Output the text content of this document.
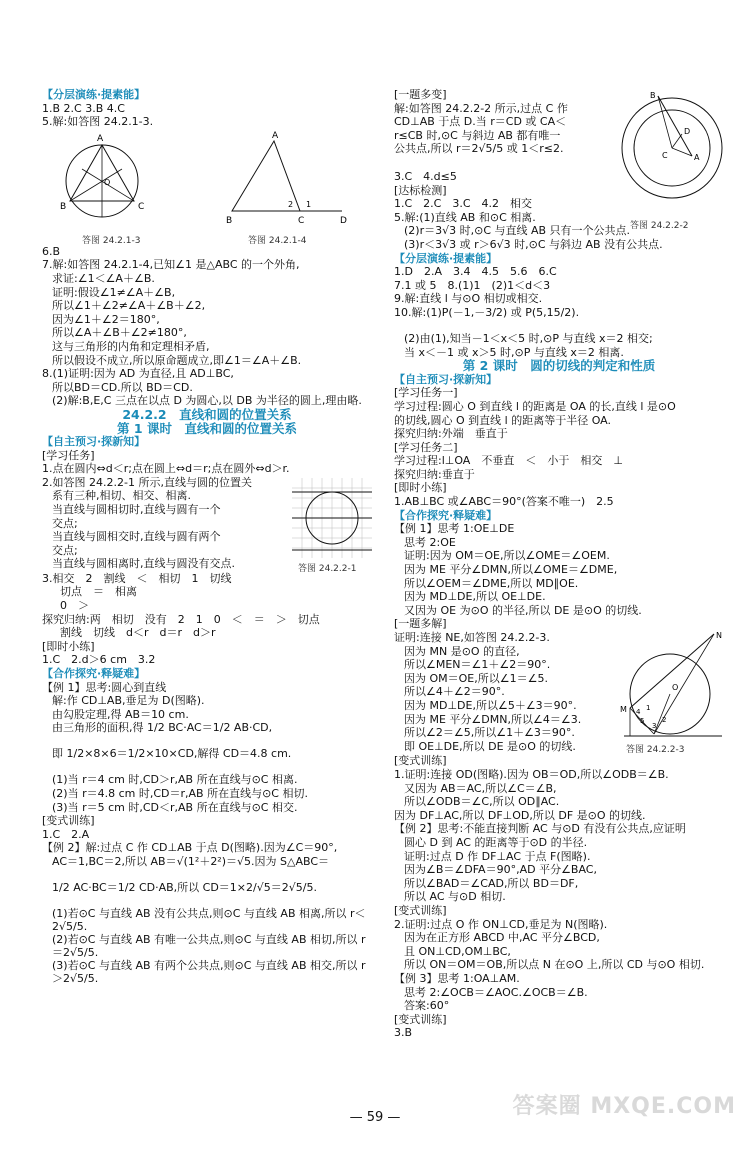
【分层演练·提素能】
1.B 2.C 3.B 4.C
5.解:如答图 24.2.1-3.
A
B	C
O
A
B	C	D
2 1
答图 24.2.1-3	答图 24.2.1-4
6.B
7.解:如答图 24.2.1-4,已知∠1 是△ABC 的一个外角,
求证:∠1＜∠A＋∠B.
证明:假设∠1≠∠A＋∠B,
所以∠1＋∠2≠∠A＋∠B＋∠2,
因为∠1＋∠2＝180°,
所以∠A＋∠B＋∠2≠180°,
这与三角形的内角和定理相矛盾,
所以假设不成立,所以原命题成立,即∠1＝∠A＋∠B.
8.(1)证明:因为 AD 为直径,且 AD⊥BC,
所以BD＝CD.所以 BD＝CD.
(2)解:B,E,C 三点在以点 D 为圆心,以 DB 为半径的圆上,理由略.
24.2.2　直线和圆的位置关系
第 1 课时　直线和圆的位置关系
【自主预习·探新知】
[学习任务]
1.点在圆内⇔d＜r;点在圆上⇔d＝r;点在圆外⇔d＞r.
2.如答图 24.2.2-1 所示,直线与圆的位置关
系有三种,相切、相交、相离.
当直线与圆相切时,直线与圆有一个
交点;
当直线与圆相交时,直线与圆有两个
交点;
当直线与圆相离时,直线与圆没有交点.	答图 24.2.2-1
3.相交　2　割线　＜　相切　1　切线
切点　＝　相离
0　＞
探究归纳:两　相切　没有　2　1　0　＜　＝　＞　切点
割线　切线　d＜r　d＝r　d＞r
[即时小练]
1.C　2.d＞6 cm　3.2
【合作探究·释疑难】
【例 1】思考:圆心到直线
解:作 CD⊥AB,垂足为 D(图略).
由勾股定理,得 AB＝10 cm.
由三角形的面积,得 1/2 BC·AC＝1/2 AB·CD,
即 1/2×8×6＝1/2×10×CD,解得 CD＝4.8 cm.
(1)当 r＝4 cm 时,CD＞r,AB 所在直线与⊙C 相离.
(2)当 r＝4.8 cm 时,CD＝r,AB 所在直线与⊙C 相切.
(3)当 r＝5 cm 时,CD＜r,AB 所在直线与⊙C 相交.
[变式训练]
1.C　2.A
【例 2】解:过点 C 作 CD⊥AB 于点 D(图略).因为∠C＝90°,
AC＝1,BC＝2,所以 AB＝√(1²＋2²)＝√5.因为 S△ABC＝
1/2 AC·BC＝1/2 CD·AB,所以 CD＝1×2/√5＝2√5/5.
(1)若⊙C 与直线 AB 没有公共点,则⊙C 与直线 AB 相离,所以 r＜2√5/5.
(2)若⊙C 与直线 AB 有唯一公共点,则⊙C 与直线 AB 相切,所以 r＝2√5/5.
(3)若⊙C 与直线 AB 有两个公共点,则⊙C 与直线 AB 相交,所以 r＞2√5/5.
[一题多变]
解:如答图 24.2.2-2 所示,过点 C 作
CD⊥AB 于点 D.当 r＝CD 或 CA＜
r≤CB 时,⊙C 与斜边 AB 都有唯一
公共点,所以 r＝2√5/5 或 1＜r≤2.
3.C　4.d≤5
[达标检测]
1.C　2.C　3.C　4.2　相交
5.解:(1)直线 AB 和⊙C 相离.
(2)r＝3√3 时,⊙C 与直线 AB 只有一个公共点.
(3)r＜3√3 或 r＞6√3 时,⊙C 与斜边 AB 没有公共点.
【分层演练·提素能】
1.D　2.A　3.4　4.5　5.6　6.C
7.1 或 5　8.(1)1　(2)1＜d＜3
9.解:直线 l 与⊙O 相切或相交.
10.解:(1)P(－1,－3/2) 或 P(5,15/2).
(2)由(1),知当－1＜x＜5 时,⊙P 与直线 x＝2 相交;
当 x＜－1 或 x＞5 时,⊙P 与直线 x＝2 相离.
第 2 课时　圆的切线的判定和性质
【自主预习·探新知】
[学习任务一]
学习过程:圆心 O 到直线 l 的距离是 OA 的长,直线 l 是⊙O
的切线,圆心 O 到直线 l 的距离等于半径 OA.
探究归纳:外端　垂直于
[学习任务二]
学习过程:l⊥OA　不垂直　＜　小于　相交　⊥
探究归纳:垂直于
[即时小练]
1.AB⊥BC 或∠ABC＝90°(答案不唯一)　2.5
【合作探究·释疑难】
【例 1】思考 1:OE⊥DE
思考 2:OE
证明:因为 OM＝OE,所以∠OME＝∠OEM.
因为 ME 平分∠DMN,所以∠OME＝∠DME,
所以∠OEM＝∠DME,所以 MD∥OE.
因为 MD⊥DE,所以 OE⊥DE.
又因为 OE 为⊙O 的半径,所以 DE 是⊙O 的切线.
[一题多解]
证明:连接 NE,如答图 24.2.2-3.
因为 MN 是⊙O 的直径,
所以∠MEN＝∠1＋∠2＝90°.
因为 OM＝OE,所以∠1＝∠5.
所以∠4＋∠2＝90°.
因为 MD⊥DE,所以∠5＋∠3＝90°.
因为 ME 平分∠DMN,所以∠4＝∠3.
所以∠2＝∠5,所以∠1＋∠3＝90°.
即 OE⊥DE,所以 DE 是⊙O 的切线.
[变式训练]
1.证明:连接 OD(图略).因为 OB＝OD,所以∠ODB＝∠B.
又因为 AB＝AC,所以∠C＝∠B,
所以∠ODB＝∠C,所以 OD∥AC.
因为 DF⊥AC,所以 DF⊥OD,所以 DF 是⊙O 的切线.
【例 2】思考:不能直接判断 AC 与⊙D 有没有公共点,应证明
圆心 D 到 AC 的距离等于⊙D 的半径.
证明:过点 D 作 DF⊥AC 于点 F(图略).
因为∠B＝∠DFA＝90°,AD 平分∠BAC,
所以∠BAD＝∠CAD,所以 BD＝DF,
所以 AC 与⊙D 相切.
[变式训练]
2.证明:过点 O 作 ON⊥CD,垂足为 N(图略).
因为在正方形 ABCD 中,AC 平分∠BCD,
且 ON⊥CD,OM⊥BC,
所以 ON＝OM＝OB,所以点 N 在⊙O 上,所以 CD 与⊙O 相切.
【例 3】思考 1:OA⊥AM.
思考 2:∠OCB＝∠AOC.∠OCB＝∠B.
答案:60°
[变式训练]
3.B
— 59 —	答案圈 MXQE.COM
B
C	A
D
答图 24.2.2-2
N
O
M 4
5
3
2
1
答图 24.2.2-3
